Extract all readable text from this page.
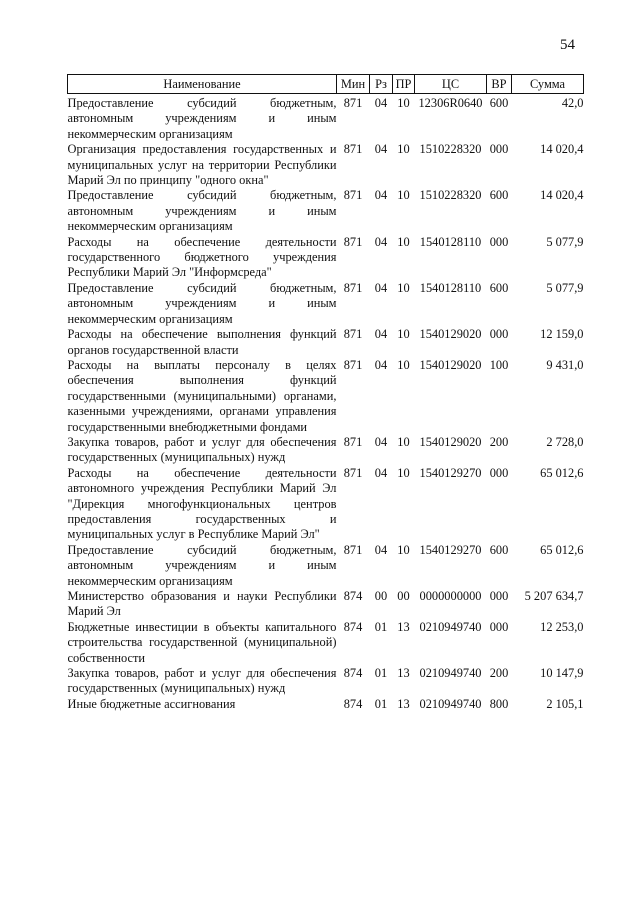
54
Наименование	Мин	Рз	ПР	ЦС	ВР	Сумма

Предоставление субсидий бюджетным, автономным учреждениям и иным некоммерческим организациям	871	04	10	12306R0640	600	42,0
Организация предоставления государственных и муниципальных услуг на территории Республики Марий Эл по принципу "одного окна"	871	04	10	1510228320	000	14 020,4
Предоставление субсидий бюджетным, автономным учреждениям и иным некоммерческим организациям	871	04	10	1510228320	600	14 020,4
Расходы на обеспечение деятельности государственного бюджетного учреждения Республики Марий Эл "Информсреда"	871	04	10	1540128110	000	5 077,9
Предоставление субсидий бюджетным, автономным учреждениям и иным некоммерческим организациям	871	04	10	1540128110	600	5 077,9
Расходы на обеспечение выполнения функций органов государственной власти	871	04	10	1540129020	000	12 159,0
Расходы на выплаты персоналу в целях обеспечения выполнения функций государственными (муниципальными) органами, казенными учреждениями, органами управления государственными внебюджетными фондами	871	04	10	1540129020	100	9 431,0
Закупка товаров, работ и услуг для обеспечения государственных (муниципальных) нужд	871	04	10	1540129020	200	2 728,0
Расходы на обеспечение деятельности автономного учреждения Республики Марий Эл "Дирекция многофункциональных центров предоставления государственных и муниципальных услуг в Республике Марий Эл"	871	04	10	1540129270	000	65 012,6
Предоставление субсидий бюджетным, автономным учреждениям и иным некоммерческим организациям	871	04	10	1540129270	600	65 012,6
Министерство образования и науки Республики Марий Эл	874	00	00	0000000000	000	5 207 634,7
Бюджетные инвестиции в объекты капитального строительства государственной (муниципальной) собственности	874	01	13	0210949740	000	12 253,0
Закупка товаров, работ и услуг для обеспечения государственных (муниципальных) нужд	874	01	13	0210949740	200	10 147,9
Иные бюджетные ассигнования	874	01	13	0210949740	800	2 105,1
